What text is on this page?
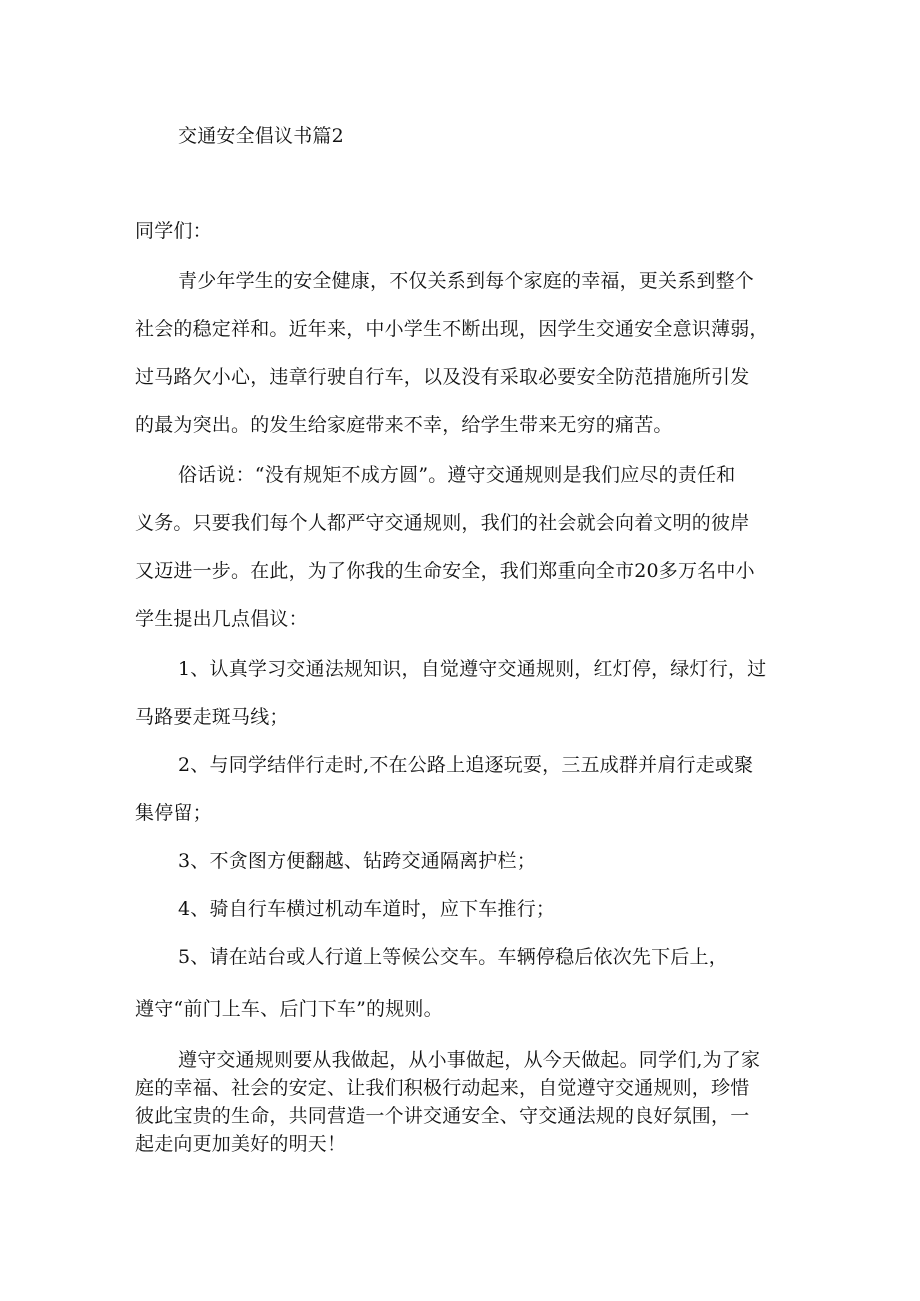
交通安全倡议书篇2
同学们：
青少年学生的安全健康，不仅关系到每个家庭的幸福，更关系到整个
社会的稳定祥和。近年来，中小学生不断出现，因学生交通安全意识薄弱，
过马路欠小心，违章行驶自行车，以及没有采取必要安全防范措施所引发
的最为突出。的发生给家庭带来不幸，给学生带来无穷的痛苦。
俗话说：“没有规矩不成方圆”。遵守交通规则是我们应尽的责任和
义务。只要我们每个人都严守交通规则，我们的社会就会向着文明的彼岸
又迈进一步。在此，为了你我的生命安全，我们郑重向全市20多万名中小
学生提出几点倡议：
1、认真学习交通法规知识，自觉遵守交通规则，红灯停，绿灯行，过
马路要走斑马线；
2、与同学结伴行走时,不在公路上追逐玩耍，三五成群并肩行走或聚
集停留；
3、不贪图方便翻越、钻跨交通隔离护栏；
4、骑自行车横过机动车道时，应下车推行；
5、请在站台或人行道上等候公交车。车辆停稳后依次先下后上，
遵守“前门上车、后门下车”的规则。
遵守交通规则要从我做起，从小事做起，从今天做起。同学们,为了家
庭的幸福、社会的安定、让我们积极行动起来，自觉遵守交通规则，珍惜
彼此宝贵的生命，共同营造一个讲交通安全、守交通法规的良好氛围，一
起走向更加美好的明天！
